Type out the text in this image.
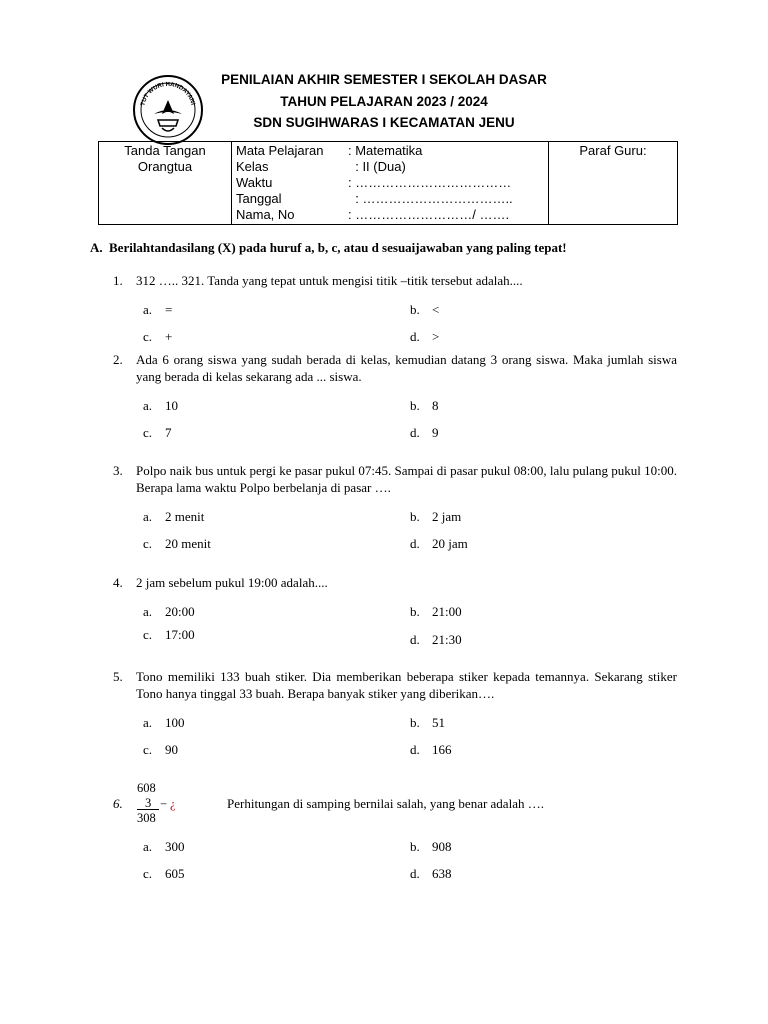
TUT WURI HANDAYANI
PENILAIAN AKHIR SEMESTER I SEKOLAH DASAR
TAHUN PELAJARAN 2023 / 2024
SDN SUGIHWARAS I KECAMATAN JENU
Tanda Tangan
Orangtua

Mata Pelajaran	: Matematika
Kelas	: II (Dua)
Waktu	: ………………………………
Tanggal	: ……………………………..
Nama, No	: ………………………/ …….

Paraf Guru:
A. Berilahtandasilang (X) pada huruf a, b, c, atau d sesuaijawaban yang paling tepat!
1. 312 ….. 321. Tanda yang tepat untuk mengisi titik –titik tersebut adalah....
a. =	b. <
c. +	d. >
2. Ada 6 orang siswa yang sudah berada di kelas, kemudian datang 3 orang siswa. Maka jumlah siswa yang berada di kelas sekarang ada ... siswa.
a. 10	b. 8
c. 7	d. 9
3. Polpo naik bus untuk pergi ke pasar pukul 07:45. Sampai di pasar pukul 08:00, lalu pulang pukul 10:00. Berapa lama waktu Polpo berbelanja di pasar ….
a. 2 menit	b. 2 jam
c. 20 menit	d. 20 jam
4. 2 jam sebelum pukul 19:00 adalah....
a. 20:00	b. 21:00
c. 17:00	d. 21:30
5. Tono memiliki 133 buah stiker. Dia memberikan beberapa stiker kepada temannya. Sekarang stiker Tono hanya tinggal 33 buah. Berapa banyak stiker yang diberikan….
a. 100	b. 51
c. 90	d. 166
6.
608
3 − ¿
308
Perhitungan di samping bernilai salah, yang benar adalah ….
a. 300	b. 908
c. 605	d. 638
